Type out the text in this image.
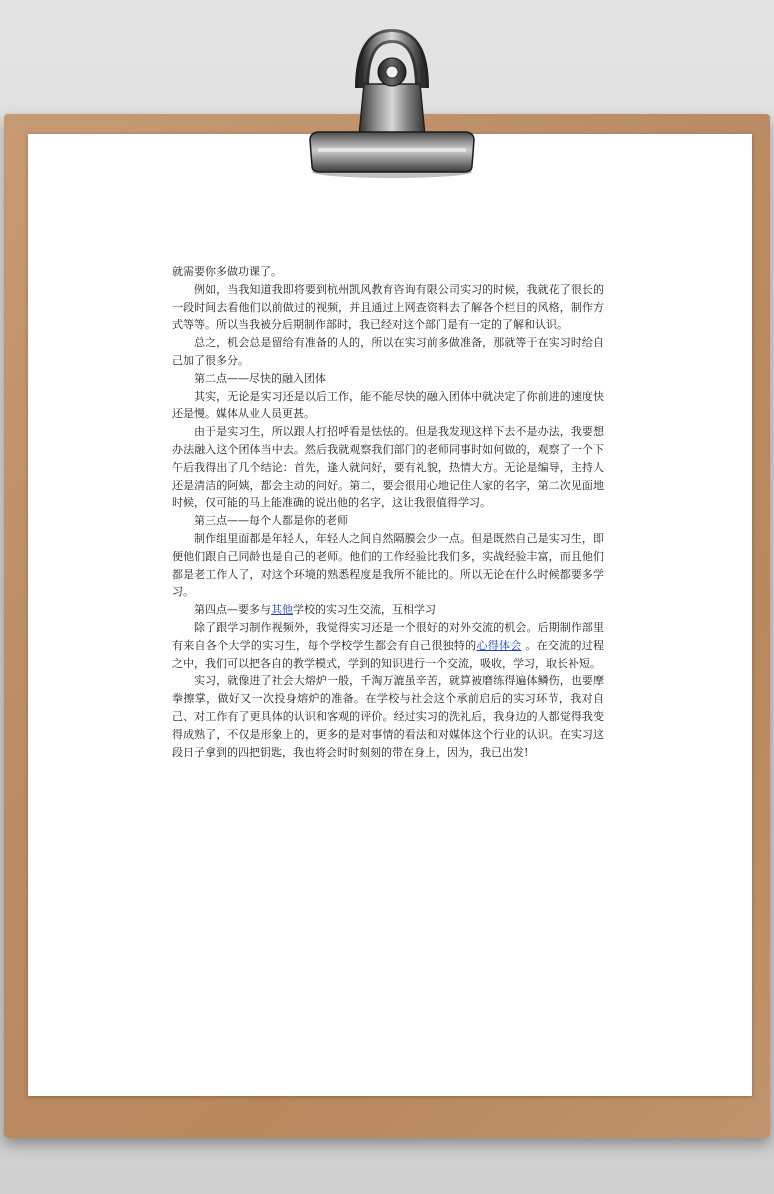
就需要你多做功课了。

例如，当我知道我即将要到杭州凯风教育咨询有限公司实习的时候，我就花了很长的一段时间去看他们以前做过的视频，并且通过上网查资料去了解各个栏目的风格，制作方式等等。所以当我被分后期制作部时，我已经对这个部门是有一定的了解和认识。

总之，机会总是留给有准备的人的，所以在实习前多做准备，那就等于在实习时给自己加了很多分。

第二点——尽快的融入团体

其实，无论是实习还是以后工作，能不能尽快的融入团体中就决定了你前进的速度快还是慢。媒体从业人员更甚。

由于是实习生，所以跟人打招呼看是怯怯的。但是我发现这样下去不是办法，我要想办法融入这个团体当中去。然后我就观察我们部门的老师同事时如何做的，观察了一个下午后我得出了几个结论：首先，逢人就问好，要有礼貌，热情大方。无论是编导，主持人还是清洁的阿姨，都会主动的问好。第二，要会很用心地记住人家的名字，第二次见面地时候，仅可能的马上能准确的说出他的名字，这让我很值得学习。

第三点——每个人都是你的老师

制作组里面都是年轻人，年轻人之间自然隔膜会少一点。但是既然自己是实习生，即便他们跟自己同龄也是自己的老师。他们的工作经验比我们多，实战经验丰富，而且他们都是老工作人了，对这个环境的熟悉程度是我所不能比的。所以无论在什么时候都要多学习。

第四点—要多与其他学校的实习生交流，互相学习

除了跟学习制作视频外，我觉得实习还是一个很好的对外交流的机会。后期制作部里有来自各个大学的实习生，每个学校学生都会有自己很独特的心得体会 。在交流的过程之中，我们可以把各自的教学模式，学到的知识进行一个交流，吸收，学习，取长补短。

实习，就像进了社会大熔炉一般，千淘万漉虽辛苦，就算被磨练得遍体鳞伤，也要摩拳擦掌，做好又一次投身熔炉的准备。在学校与社会这个承前启后的实习环节，我对自己、对工作有了更具体的认识和客观的评价。经过实习的洗礼后，我身边的人都觉得我变得成熟了，不仅是形象上的，更多的是对事情的看法和对媒体这个行业的认识。在实习这段日子拿到的四把钥匙，我也将会时时刻刻的带在身上，因为，我已出发!
